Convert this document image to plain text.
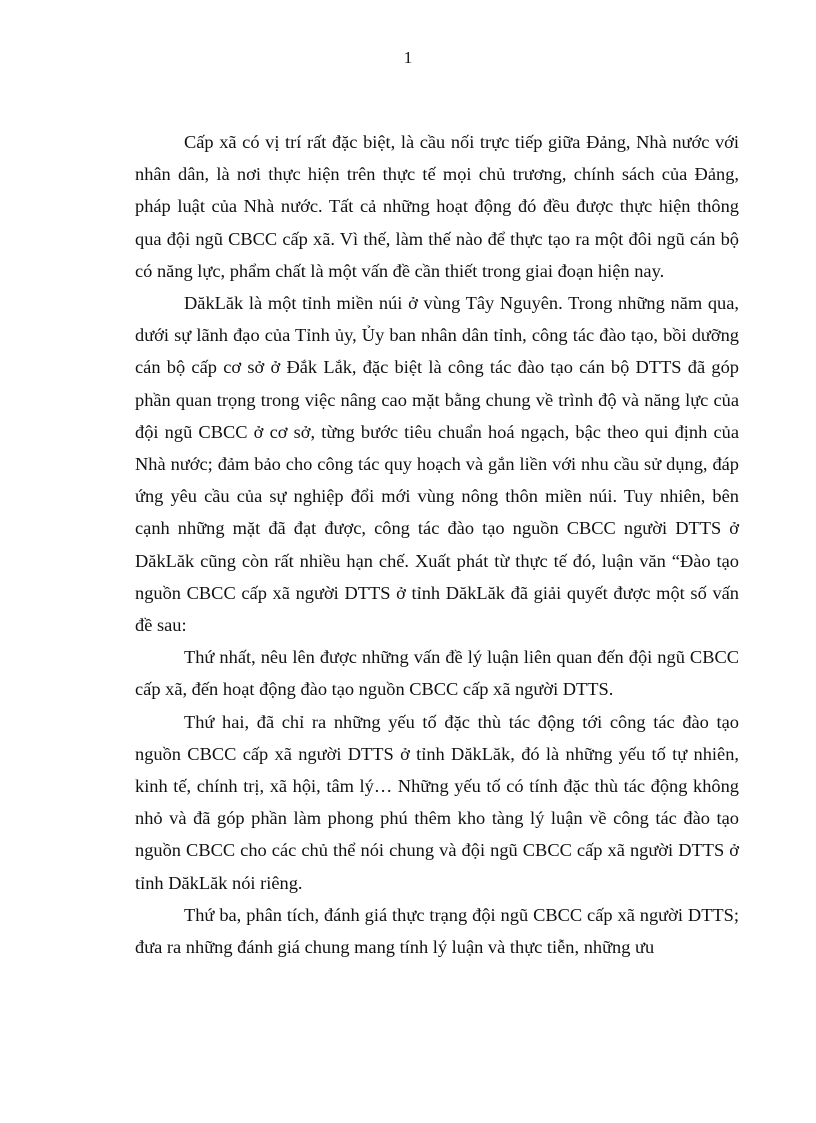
1

Cấp xã có vị trí rất đặc biệt, là cầu nối trực tiếp giữa Đảng, Nhà nước với nhân dân, là nơi thực hiện trên thực tế mọi chủ trương, chính sách của Đảng, pháp luật của Nhà nước. Tất cả những hoạt động đó đều được thực hiện thông qua đội ngũ CBCC cấp xã. Vì thế, làm thế nào để thực tạo ra một đôi ngũ cán bộ có năng lực, phẩm chất là một vấn đề cần thiết trong giai đoạn hiện nay.

DăkLăk là một tỉnh miền núi ở vùng Tây Nguyên. Trong những năm qua, dưới sự lãnh đạo của Tỉnh ủy, Ủy ban nhân dân tỉnh, công tác đào tạo, bồi dưỡng cán bộ cấp cơ sở ở Đắk Lắk, đặc biệt là công tác đào tạo cán bộ DTTS đã góp phần quan trọng trong việc nâng cao mặt bằng chung về trình độ và năng lực của đội ngũ CBCC ở cơ sở, từng bước tiêu chuẩn hoá ngạch, bậc theo qui định của Nhà nước; đảm bảo cho công tác quy hoạch và gắn liền với nhu cầu sử dụng, đáp ứng yêu cầu của sự nghiệp đổi mới vùng nông thôn miền núi. Tuy nhiên, bên cạnh những mặt đã đạt được, công tác đào tạo nguồn CBCC người DTTS ở DăkLăk cũng còn rất nhiều hạn chế. Xuất phát từ thực tế đó, luận văn “Đào tạo nguồn CBCC cấp xã người DTTS ở tỉnh DăkLăk đã giải quyết được một số vấn đề sau:

Thứ nhất, nêu lên được những vấn đề lý luận liên quan đến đội ngũ CBCC cấp xã, đến hoạt động đào tạo nguồn CBCC cấp xã người DTTS.

Thứ hai, đã chỉ ra những yếu tố đặc thù tác động tới công tác đào tạo nguồn CBCC cấp xã người DTTS ở tỉnh DăkLăk, đó là những yếu tố tự nhiên, kinh tế, chính trị, xã hội, tâm lý… Những yếu tố có tính đặc thù tác động không nhỏ và đã góp phần làm phong phú thêm kho tàng lý luận về công tác đào tạo nguồn CBCC cho các chủ thể nói chung và đội ngũ CBCC cấp xã người DTTS ở tỉnh DăkLăk nói riêng.

Thứ ba, phân tích, đánh giá thực trạng đội ngũ CBCC cấp xã người DTTS; đưa ra những đánh giá chung mang tính lý luận và thực tiễn, những ưu
